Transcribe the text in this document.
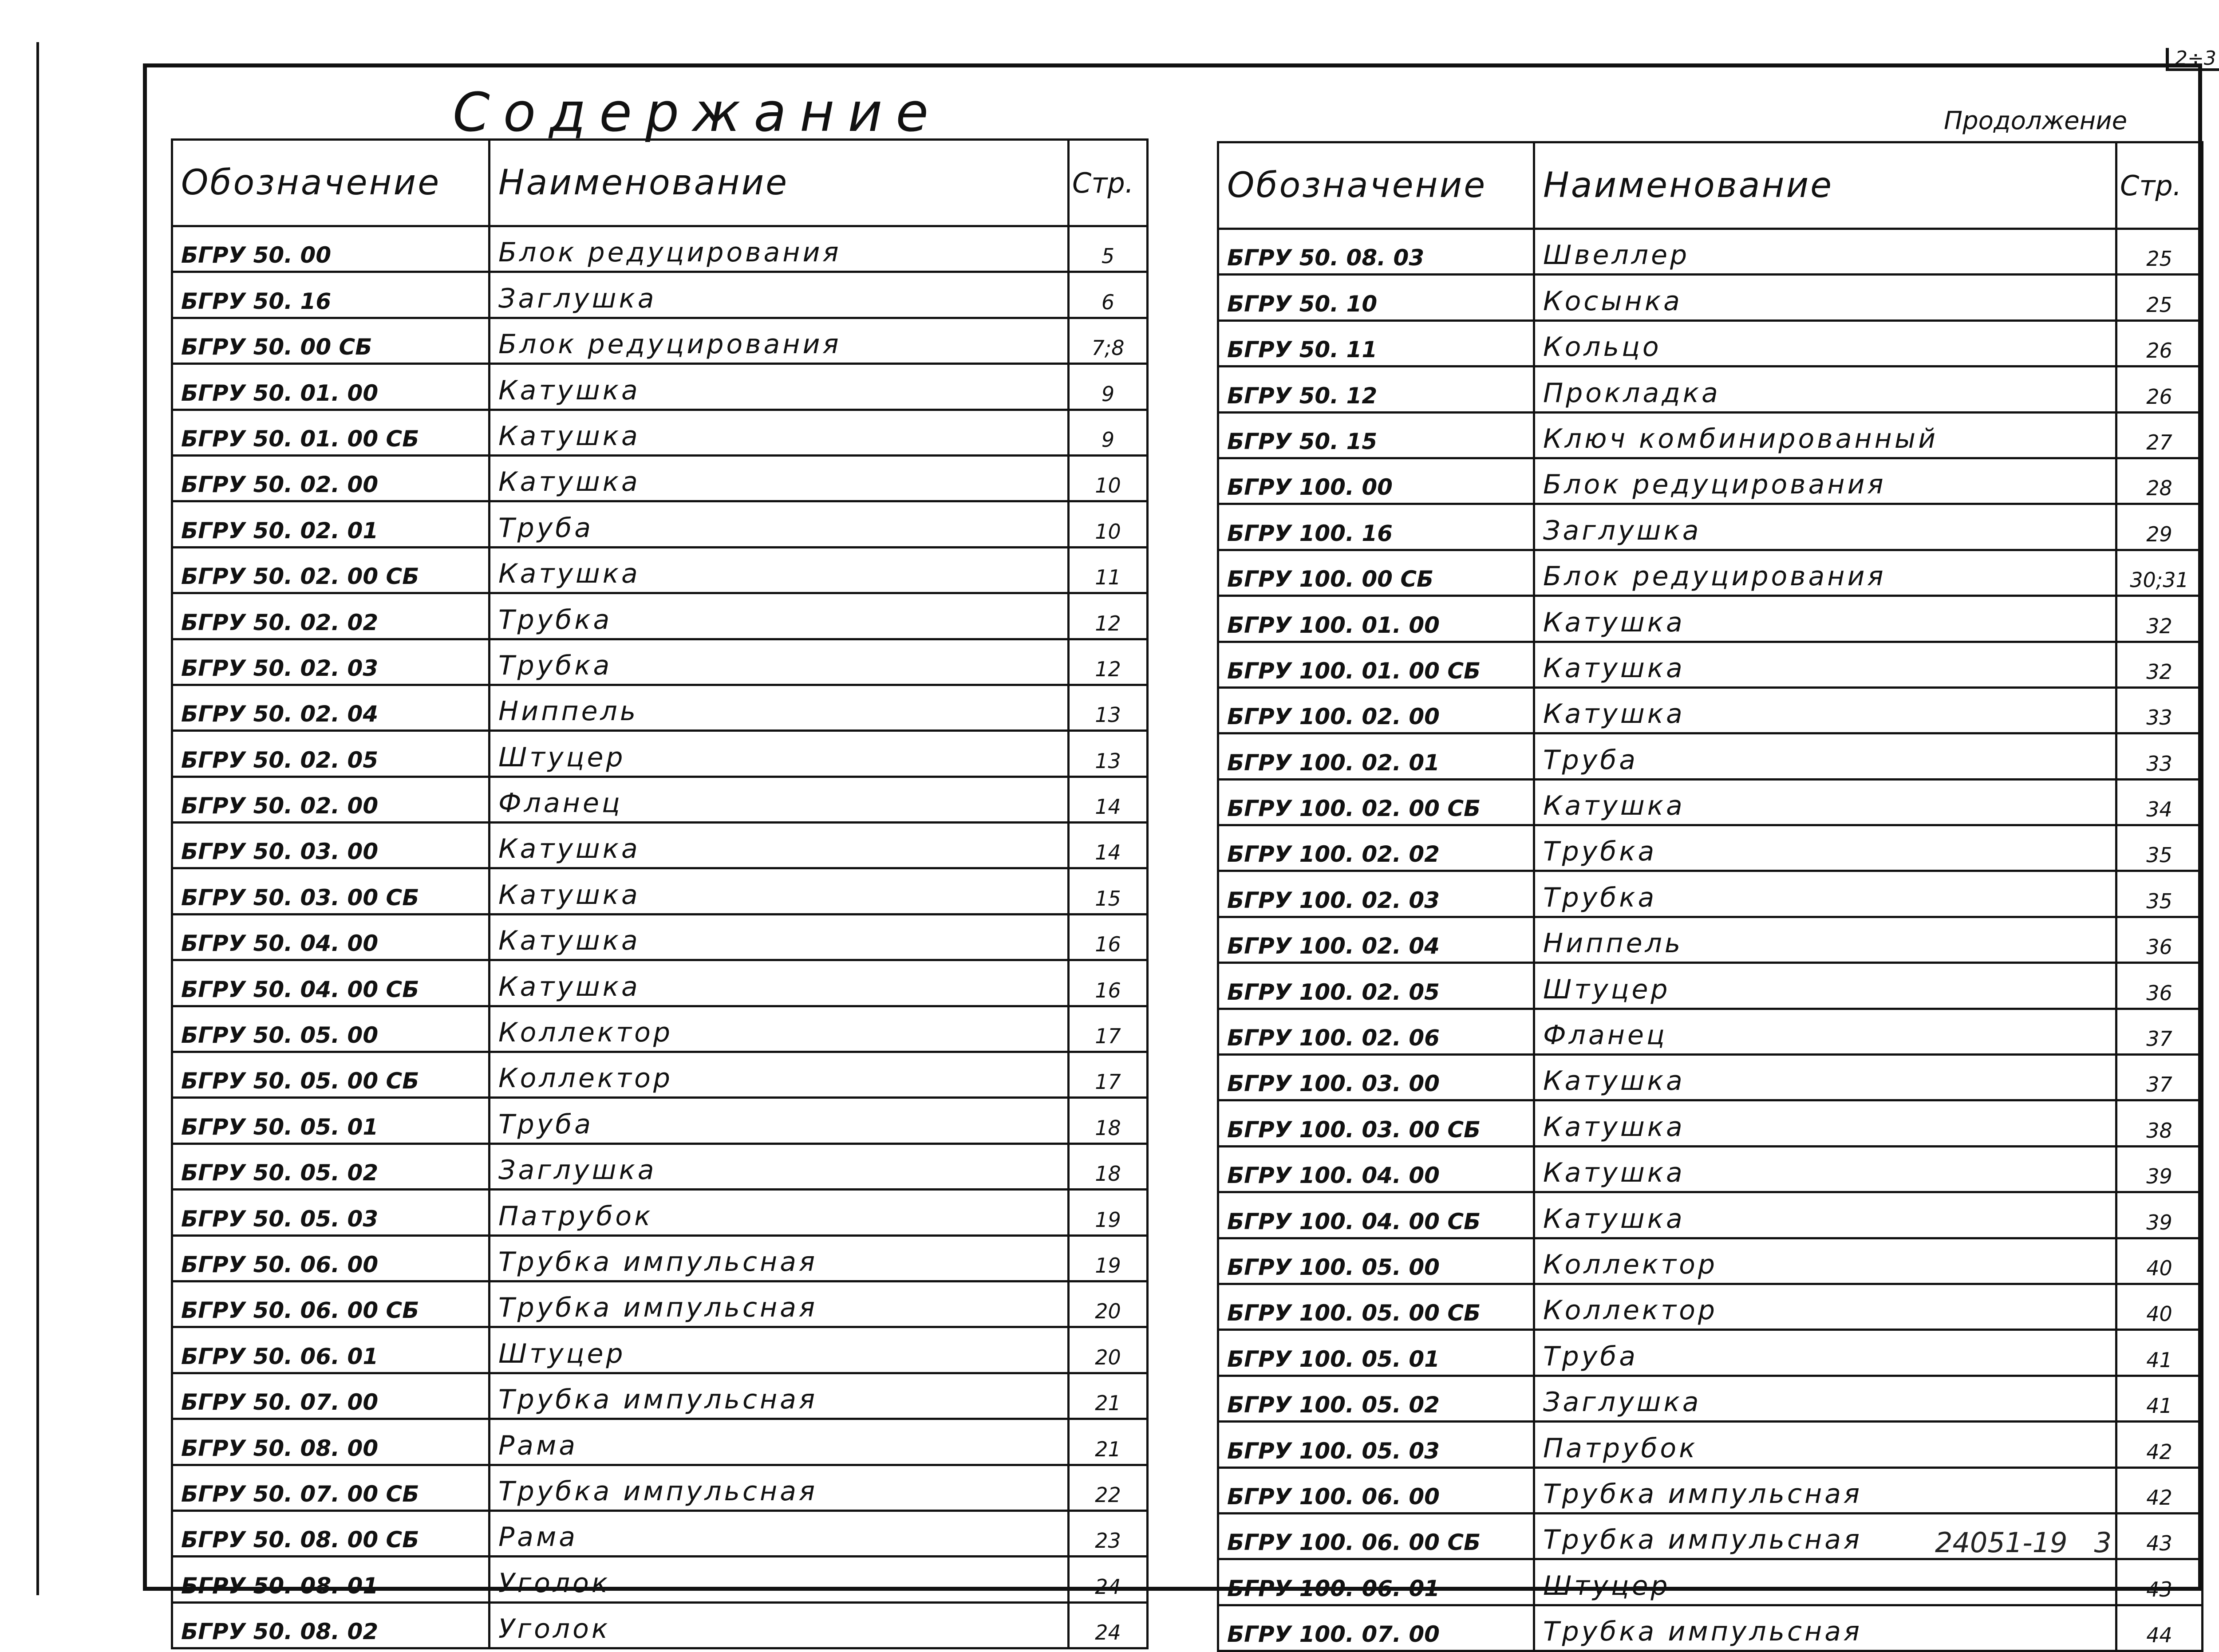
2÷3
Содержание	Продолжение
Обозначение	Наименование	Стр.
БГРУ 50. 00	Блок редуцирования	5
БГРУ 50. 16	Заглушка	6
БГРУ 50. 00 СБ	Блок редуцирования	7;8
БГРУ 50. 01. 00	Катушка	9
БГРУ 50. 01. 00 СБ	Катушка	9
БГРУ 50. 02. 00	Катушка	10
БГРУ 50. 02. 01	Труба	10
БГРУ 50. 02. 00 СБ	Катушка	11
БГРУ 50. 02. 02	Трубка	12
БГРУ 50. 02. 03	Трубка	12
БГРУ 50. 02. 04	Ниппель	13
БГРУ 50. 02. 05	Штуцер	13
БГРУ 50. 02. 00	Фланец	14
БГРУ 50. 03. 00	Катушка	14
БГРУ 50. 03. 00 СБ	Катушка	15
БГРУ 50. 04. 00	Катушка	16
БГРУ 50. 04. 00 СБ	Катушка	16
БГРУ 50. 05. 00	Коллектор	17
БГРУ 50. 05. 00 СБ	Коллектор	17
БГРУ 50. 05. 01	Труба	18
БГРУ 50. 05. 02	Заглушка	18
БГРУ 50. 05. 03	Патрубок	19
БГРУ 50. 06. 00	Трубка импульсная	19
БГРУ 50. 06. 00 СБ	Трубка импульсная	20
БГРУ 50. 06. 01	Штуцер	20
БГРУ 50. 07. 00	Трубка импульсная	21
БГРУ 50. 08. 00	Рама	21
БГРУ 50. 07. 00 СБ	Трубка импульсная	22
БГРУ 50. 08. 00 СБ	Рама	23
БГРУ 50. 08. 01	Уголок	24
БГРУ 50. 08. 02	Уголок	24
Обозначение	Наименование	Стр.
БГРУ 50. 08. 03	Швеллер	25
БГРУ 50. 10	Косынка	25
БГРУ 50. 11	Кольцо	26
БГРУ 50. 12	Прокладка	26
БГРУ 50. 15	Ключ комбинированный	27
БГРУ 100. 00	Блок редуцирования	28
БГРУ 100. 16	Заглушка	29
БГРУ 100. 00 СБ	Блок редуцирования	30;31
БГРУ 100. 01. 00	Катушка	32
БГРУ 100. 01. 00 СБ	Катушка	32
БГРУ 100. 02. 00	Катушка	33
БГРУ 100. 02. 01	Труба	33
БГРУ 100. 02. 00 СБ	Катушка	34
БГРУ 100. 02. 02	Трубка	35
БГРУ 100. 02. 03	Трубка	35
БГРУ 100. 02. 04	Ниппель	36
БГРУ 100. 02. 05	Штуцер	36
БГРУ 100. 02. 06	Фланец	37
БГРУ 100. 03. 00	Катушка	37
БГРУ 100. 03. 00 СБ	Катушка	38
БГРУ 100. 04. 00	Катушка	39
БГРУ 100. 04. 00 СБ	Катушка	39
БГРУ 100. 05. 00	Коллектор	40
БГРУ 100. 05. 00 СБ	Коллектор	40
БГРУ 100. 05. 01	Труба	41
БГРУ 100. 05. 02	Заглушка	41
БГРУ 100. 05. 03	Патрубок	42
БГРУ 100. 06. 00	Трубка импульсная	42
БГРУ 100. 06. 00 СБ	Трубка импульсная	43
БГРУ 100. 06. 01	Штуцер	43
БГРУ 100. 07. 00	Трубка импульсная	44
24051-19 3
